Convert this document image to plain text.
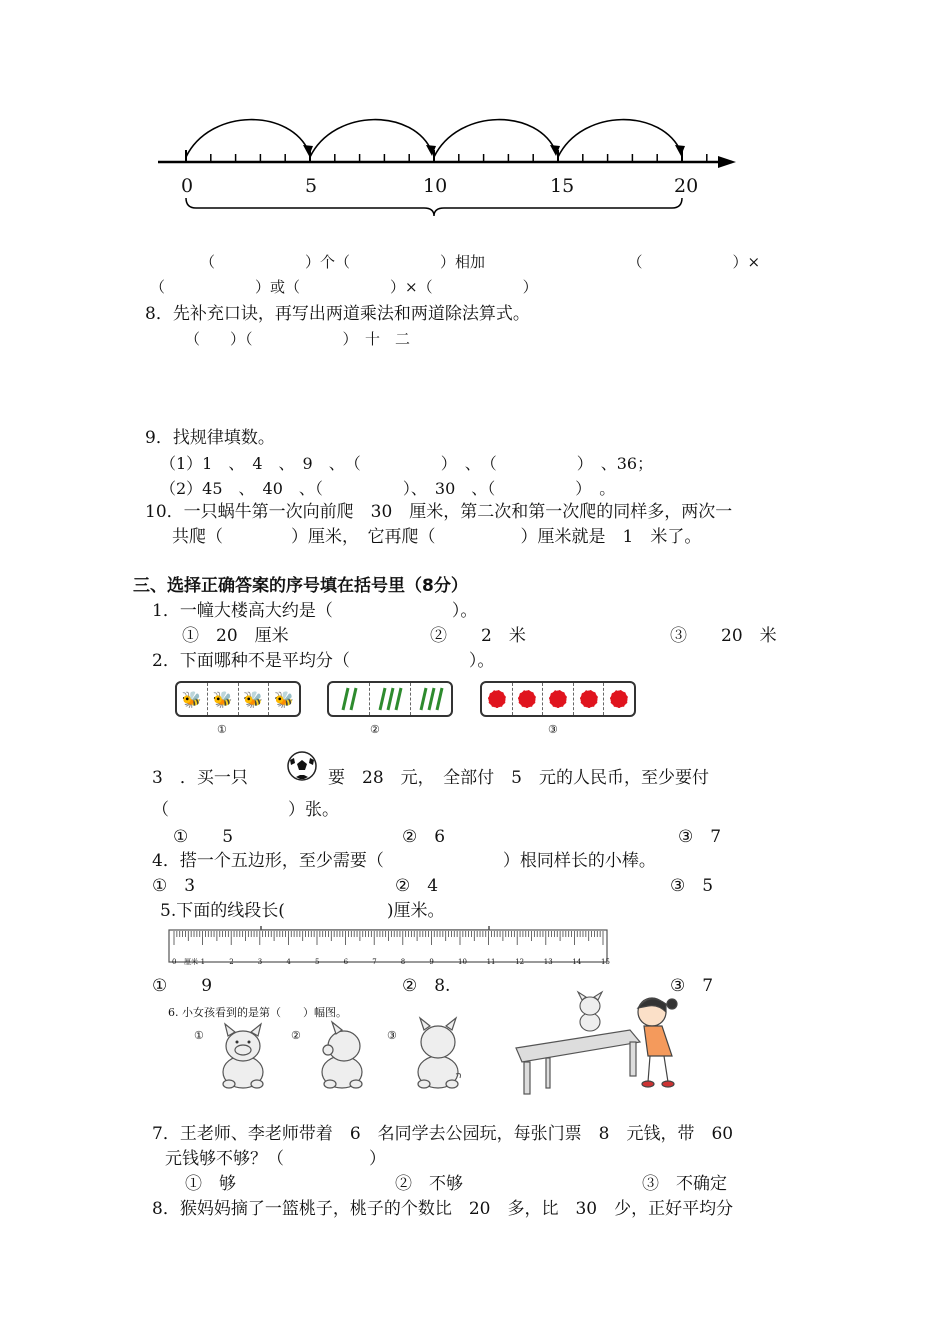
0	5	10	15	20
（　　　　　　）个（　　　　　　）相加　　　　　　　　　　（　　　　　　）×
（　　　　　　）或（　　　　　　）×（　　　　　　）
8．先补充口诀，再写出两道乘法和两道除法算式。
（　　）（　　　　　　）　十　二
9．找规律填数。
（1）1　、　4　、　9　、　（　　　　　）　、　（　　　　　）　、36；
（2）45　、　40　、（　　　　　）、　30　、（　　　　　）　。
10．一只蜗牛第一次向前爬　30　厘米，第二次和第一次爬的同样多，两次一
共爬（　　　　）厘米，　它再爬（　　　　　）厘米就是　1　米了。
三、选择正确答案的序号填在括号里（8分）
1．一幢大楼高大约是（　　　　　　　）。
①　20　厘米	②　　2　米	③　　20　米
2．下面哪种不是平均分（　　　　　　　）。
🐝 🐝 🐝 🐝
①	②	③
3　．买一只	要　28　元，　全部付　5　元的人民币，至少要付
（　　　　　　　）张。
①　　5	②　6	③　7
4．搭一个五边形，至少需要（　　　　　　　）根同样长的小棒。
①　3	②　4	③　5
5.下面的线段长(　　　　　　)厘米。
0	1	2	3	4	5	6	7	8	9	10	11	12	13	14	15
厘米
①　　9	②　8.	③　7
6. 小女孩看到的是第（　　）幅图。
①	②	③
7．王老师、李老师带着　6　名同学去公园玩，每张门票　8　元钱，带　60
元钱够不够？（　　　　　）
①　够	②　不够	③　不确定
8．猴妈妈摘了一篮桃子，桃子的个数比　20　多，比　30　少，正好平均分
